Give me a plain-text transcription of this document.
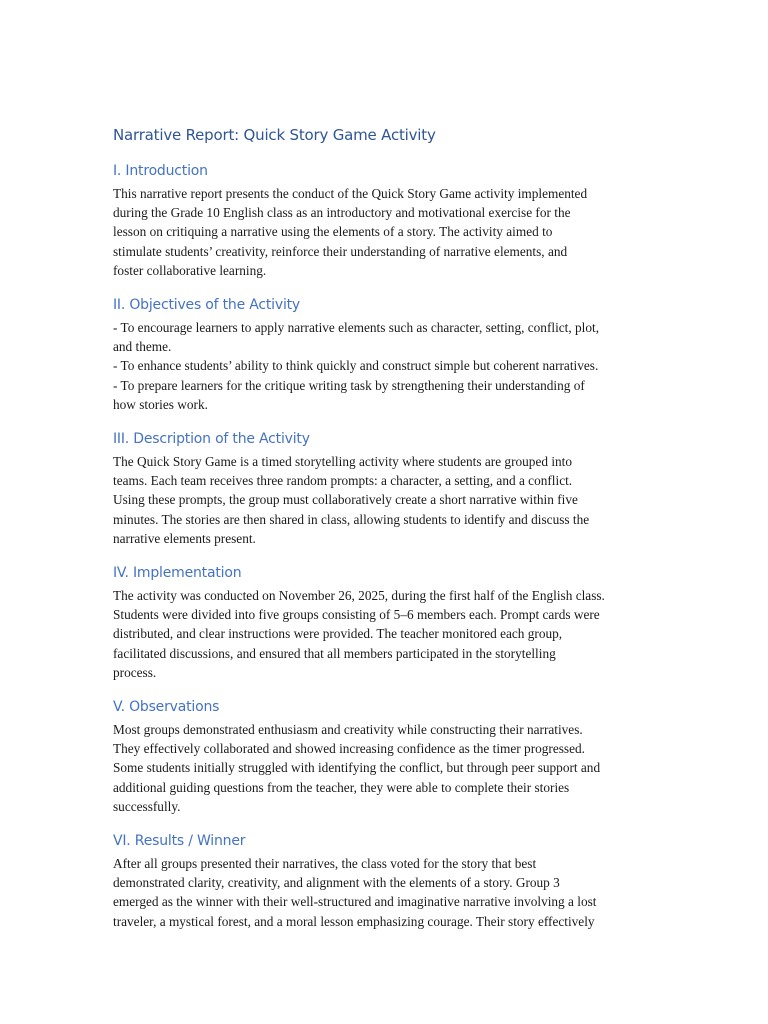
Narrative Report: Quick Story Game Activity
I. Introduction

This narrative report presents the conduct of the Quick Story Game activity implemented
during the Grade 10 English class as an introductory and motivational exercise for the
lesson on critiquing a narrative using the elements of a story. The activity aimed to
stimulate students’ creativity, reinforce their understanding of narrative elements, and
foster collaborative learning.

II. Objectives of the Activity

- To encourage learners to apply narrative elements such as character, setting, conflict, plot,
and theme.
- To enhance students’ ability to think quickly and construct simple but coherent narratives.
- To prepare learners for the critique writing task by strengthening their understanding of
how stories work.

III. Description of the Activity

The Quick Story Game is a timed storytelling activity where students are grouped into
teams. Each team receives three random prompts: a character, a setting, and a conflict.
Using these prompts, the group must collaboratively create a short narrative within five
minutes. The stories are then shared in class, allowing students to identify and discuss the
narrative elements present.

IV. Implementation

The activity was conducted on November 26, 2025, during the first half of the English class.
Students were divided into five groups consisting of 5–6 members each. Prompt cards were
distributed, and clear instructions were provided. The teacher monitored each group,
facilitated discussions, and ensured that all members participated in the storytelling
process.

V. Observations

Most groups demonstrated enthusiasm and creativity while constructing their narratives.
They effectively collaborated and showed increasing confidence as the timer progressed.
Some students initially struggled with identifying the conflict, but through peer support and
additional guiding questions from the teacher, they were able to complete their stories
successfully.

VI. Results / Winner

After all groups presented their narratives, the class voted for the story that best
demonstrated clarity, creativity, and alignment with the elements of a story. Group 3
emerged as the winner with their well-structured and imaginative narrative involving a lost
traveler, a mystical forest, and a moral lesson emphasizing courage. Their story effectively
